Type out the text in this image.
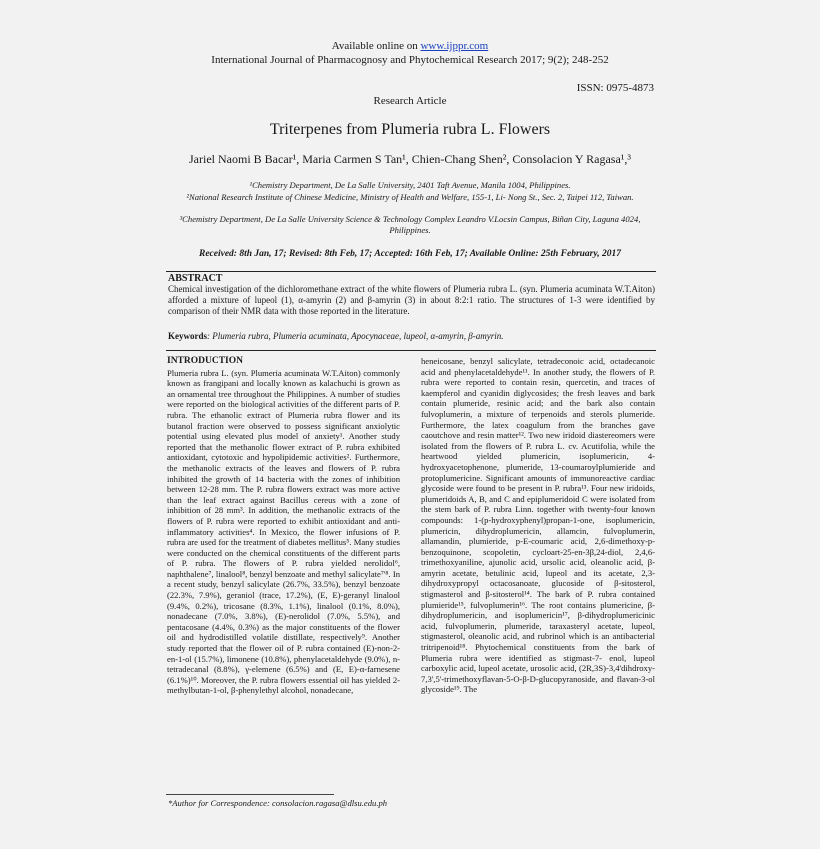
Available online on www.ijppr.com
International Journal of Pharmacognosy and Phytochemical Research 2017; 9(2); 248-252
ISSN: 0975-4873
Research Article
Triterpenes from Plumeria rubra L. Flowers
Jariel Naomi B Bacar¹, Maria Carmen S Tan¹, Chien-Chang Shen², Consolacion Y Ragasa¹,³
¹Chemistry Department, De La Salle University, 2401 Taft Avenue, Manila 1004, Philippines.
²National Research Institute of Chinese Medicine, Ministry of Health and Welfare, 155-1, Li- Nong St., Sec. 2, Taipei 112, Taiwan.
³Chemistry Department, De La Salle University Science & Technology Complex Leandro V.Locsin Campus, Biñan City, Laguna 4024, Philippines.
Received: 8th Jan, 17; Revised: 8th Feb, 17; Accepted: 16th Feb, 17; Available Online: 25th February, 2017
ABSTRACT
Chemical investigation of the dichloromethane extract of the white flowers of Plumeria rubra L. (syn. Plumeria acuminata W.T.Aiton) afforded a mixture of lupeol (1), α-amyrin (2) and β-amyrin (3) in about 8:2:1 ratio. The structures of 1-3 were identified by comparison of their NMR data with those reported in the literature.
Keywords: Plumeria rubra, Plumeria acuminata, Apocynaceae, lupeol, α-amyrin, β-amyrin.
INTRODUCTION

Plumeria rubra L. (syn. Plumeria acuminata W.T.Aiton) commonly known as frangipani and locally known as kalachuchi is grown as an ornamental tree throughout the Philippines. A number of studies were reported on the biological activities of the different parts of P. rubra. The ethanolic extract of Plumeria rubra flower and its butanol fraction were observed to possess significant anxiolytic potential using elevated plus model of anxiety¹. Another study reported that the methanolic flower extract of P. rubra exhibited antioxidant, cytotoxic and hypolipidemic activities². Furthermore, the methanolic extracts of the leaves and flowers of P. rubra inhibited the growth of 14 bacteria with the zones of inhibition between 12-28 mm. The P. rubra flowers extract was more active than the leaf extract against Bacillus cereus with a zone of inhibition of 28 mm³. In addition, the methanolic extracts of the flowers of P. rubra were reported to exhibit antioxidant and anti-inflammatory activities⁴. In Mexico, the flower infusions of P. rubra are used for the treatment of diabetes mellitus⁵. Many studies were conducted on the chemical constituents of the different parts of P. rubra. The flowers of P. rubra yielded nerolidol⁶, naphthalene⁷, linalool⁸, benzyl benzoate and methyl salicylate⁷'⁸. In a recent study, benzyl salicylate (26.7%, 33.5%), benzyl benzoate (22.3%, 7.9%), geraniol (trace, 17.2%), (E, E)-geranyl linalool (9.4%, 0.2%), tricosane (8.3%, 1.1%), linalool (0.1%, 8.0%), nonadecane (7.0%, 3.8%), (E)-nerolidol (7.0%, 5.5%), and pentacosane (4.4%, 0.3%) as the major constituents of the flower oil and hydrodistilled volatile distillate, respectively⁹. Another study reported that the flower oil of P. rubra contained (E)-non-2-en-1-ol (15.7%), limonene (10.8%), phenylacetaldehyde (9.0%), n-tetradecanal (8.8%), γ-elemene (6.5%) and (E, E)-α-farnesene (6.1%)¹⁰. Moreover, the P. rubra flowers essential oil has yielded 2-methylbutan-1-ol, β-phenylethyl alcohol, nonadecane,

heneicosane, benzyl salicylate, tetradeconoic acid, octadecanoic acid and phenylacetaldehyde¹¹. In another study, the flowers of P. rubra were reported to contain resin, quercetin, and traces of kaempferol and cyanidin diglycosides; the fresh leaves and bark contain plumeride, resinic acid; and the bark also contain fulvoplumerin, a mixture of terpenoids and sterols plumeride. Furthermore, the latex coagulum from the branches gave caoutchove and resin matter¹². Two new iridoid diastereomers were isolated from the flowers of P. rubra L. cv. Acutifolia, while the heartwood yielded plumericin, isoplumericin, 4-hydroxyacetophenone, plumeride, 13-coumaroylplumieride and protoplumericine. Significant amounts of immunoreactive cardiac glycoside were found to be present in P. rubra¹³. Four new iridoids, plumeridoids A, B, and C and epiplumeridoid C were isolated from the stem bark of P. rubra Linn. together with twenty-four known compounds: 1-(p-hydroxyphenyl)propan-1-one, isoplumericin, plumericin, dihydroplumericin, allamcin, fulvoplumerin, allamandin, plumieride, p-E-coumaric acid, 2,6-dimethoxy-p-benzoquinone, scopoletin, cycloart-25-en-3β,24-diol, 2,4,6-trimethoxyaniline, ajunolic acid, ursolic acid, oleanolic acid, β-amyrin acetate, betulinic acid, lupeol and its acetate, 2,3-dihydroxypropyl octacosanoate, glucoside of β-sitosterol, stigmasterol and β-sitosterol¹⁴. The bark of P. rubra contained plumieride¹⁵, fulvoplumerin¹⁶. The root contains plumericine, β-dihydroplumericin, and isoplumericin¹⁷, β-dihydroplumericinic acid, fulvoplumerin, plumeride, taraxasteryl acetate, lupeol, stigmasterol, oleanolic acid, and rubrinol which is an antibacterial tritripenoid¹⁸. Phytochemical constituents from the bark of Plumeria rubra were identified as stigmast-7- enol, lupeol carboxylic acid, lupeol acetate, urosolic acid, (2R,3S)-3,4'dihdroxy-7,3',5'-trimethoxyflavan-5-O-β-D-glucopyranoside, and flavan-3-ol glycoside¹⁹. The

*Author for Correspondence: consolacion.ragasa@dlsu.edu.ph
